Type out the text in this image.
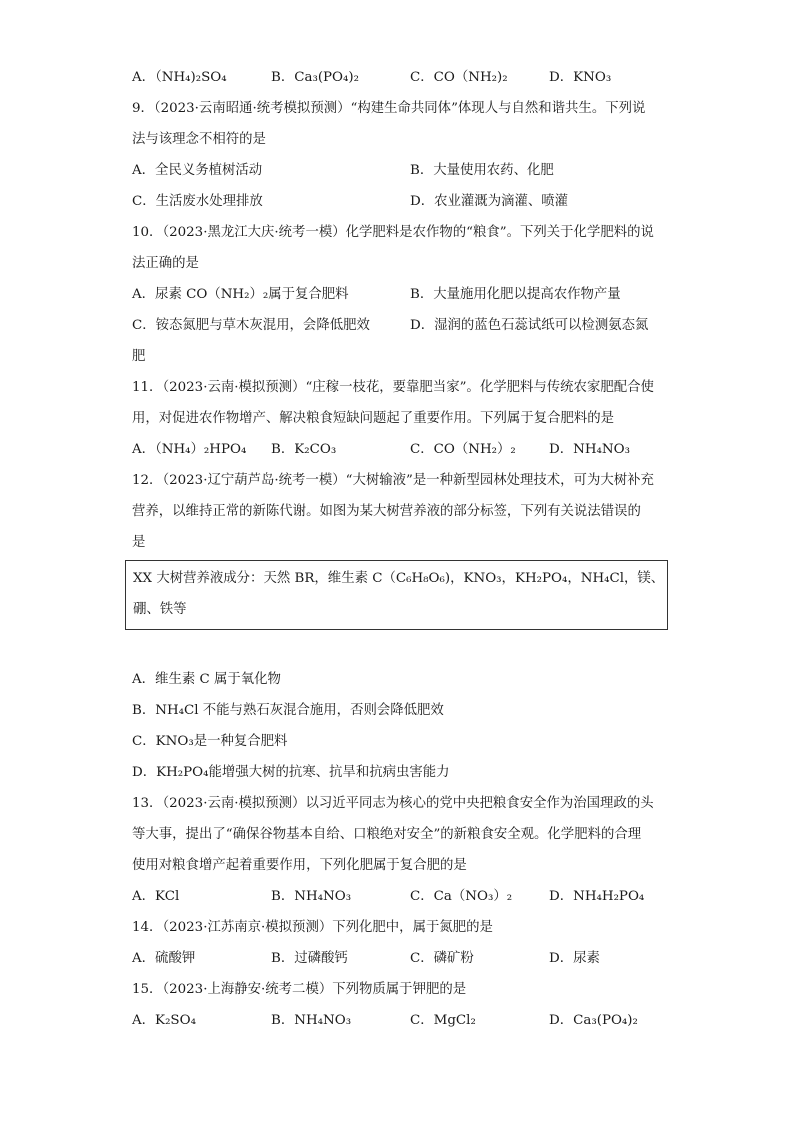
A．（NH₄)₂SO₄	B．Ca₃(PO₄)₂	C．CO（NH₂)₂	D．KNO₃
9．（2023·云南昭通·统考模拟预测）“构建生命共同体”体现人与自然和谐共生。下列说
法与该理念不相符的是
A．全民义务植树活动	B．大量使用农药、化肥
C．生活废水处理排放	D．农业灌溉为滴灌、喷灌
10．（2023·黑龙江大庆·统考一模）化学肥料是农作物的“粮食”。下列关于化学肥料的说
法正确的是
A．尿素 CO（NH₂）₂属于复合肥料	B．大量施用化肥以提高农作物产量
C．铵态氮肥与草木灰混用，会降低肥效	D．湿润的蓝色石蕊试纸可以检测氨态氮
肥
11．（2023·云南·模拟预测）“庄稼一枝花，要靠肥当家”。化学肥料与传统农家肥配合使
用，对促进农作物增产、解决粮食短缺问题起了重要作用。下列属于复合肥料的是
A．（NH₄）₂HPO₄	B．K₂CO₃	C．CO（NH₂）₂	D．NH₄NO₃
12．（2023·辽宁葫芦岛·统考一模）“大树输液”是一种新型园林处理技术，可为大树补充
营养，以维持正常的新陈代谢。如图为某大树营养液的部分标签，下列有关说法错误的
是
XX 大树营养液成分：天然 BR，维生素 C（C₆H₈O₆)，KNO₃，KH₂PO₄，NH₄Cl，镁、
硼、铁等
A．维生素 C 属于氧化物
B．NH₄Cl 不能与熟石灰混合施用，否则会降低肥效
C．KNO₃是一种复合肥料
D．KH₂PO₄能增强大树的抗寒、抗旱和抗病虫害能力
13．（2023·云南·模拟预测）以习近平同志为核心的党中央把粮食安全作为治国理政的头
等大事，提出了“确保谷物基本自给、口粮绝对安全”的新粮食安全观。化学肥料的合理
使用对粮食增产起着重要作用，下列化肥属于复合肥的是
A．KCl	B．NH₄NO₃	C．Ca（NO₃）₂	D．NH₄H₂PO₄
14．（2023·江苏南京·模拟预测）下列化肥中，属于氮肥的是
A．硫酸钾	B．过磷酸钙	C．磷矿粉	D．尿素
15．（2023·上海静安·统考二模）下列物质属于钾肥的是
A．K₂SO₄	B．NH₄NO₃	C．MgCl₂	D．Ca₃(PO₄)₂
